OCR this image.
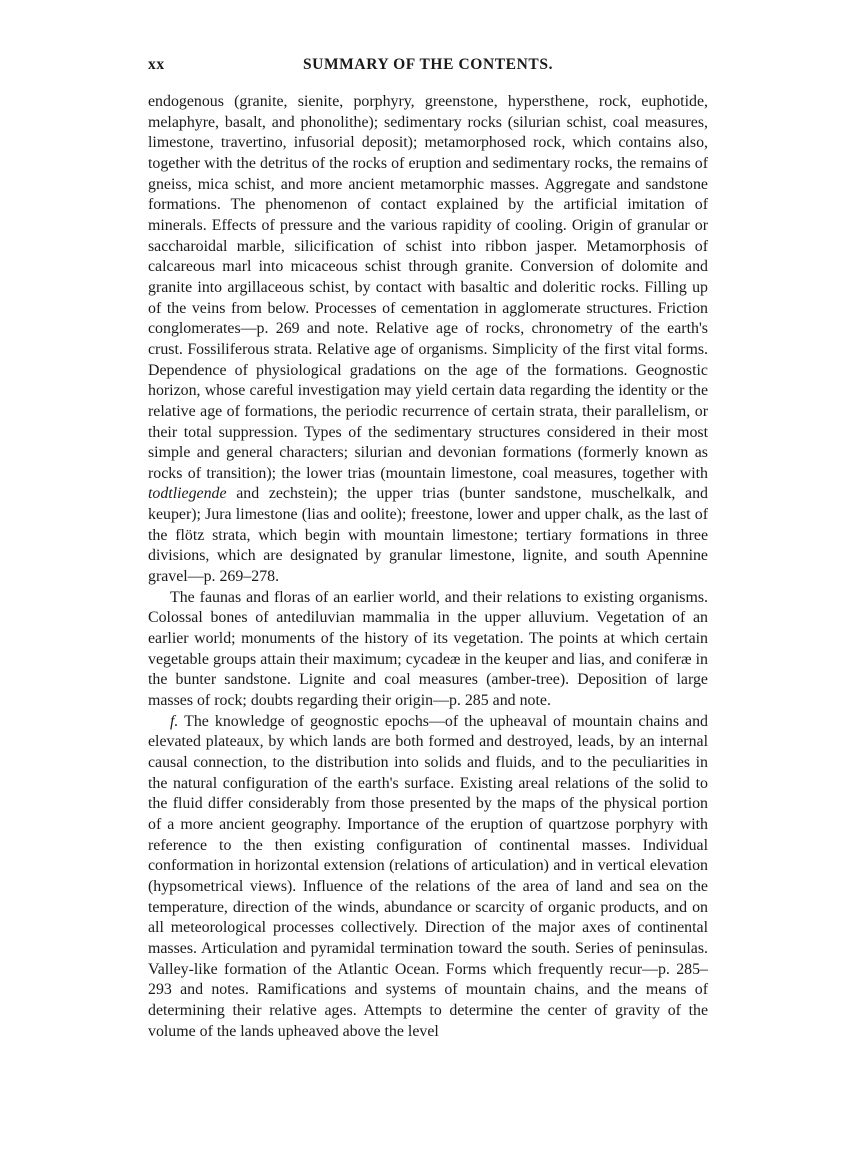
xx	SUMMARY OF THE CONTENTS.

endogenous (granite, sienite, porphyry, greenstone, hypersthene, rock, euphotide, melaphyre, basalt, and phonolithe); sedimentary rocks (silurian schist, coal measures, limestone, travertino, infusorial deposit); metamorphosed rock, which contains also, together with the detritus of the rocks of eruption and sedimentary rocks, the remains of gneiss, mica schist, and more ancient metamorphic masses. Aggregate and sandstone formations. The phenomenon of contact explained by the artificial imitation of minerals. Effects of pressure and the various rapidity of cooling. Origin of granular or saccharoidal marble, silicification of schist into ribbon jasper. Metamorphosis of calcareous marl into micaceous schist through granite. Conversion of dolomite and granite into argillaceous schist, by contact with basaltic and doleritic rocks. Filling up of the veins from below. Processes of cementation in agglomerate structures. Friction conglomerates—p. 269 and note. Relative age of rocks, chronometry of the earth's crust. Fossiliferous strata. Relative age of organisms. Simplicity of the first vital forms. Dependence of physiological gradations on the age of the formations. Geognostic horizon, whose careful investigation may yield certain data regarding the identity or the relative age of formations, the periodic recurrence of certain strata, their parallelism, or their total suppression. Types of the sedimentary structures considered in their most simple and general characters; silurian and devonian formations (formerly known as rocks of transition); the lower trias (mountain limestone, coal measures, together with todtliegende and zechstein); the upper trias (bunter sandstone, muschelkalk, and keuper); Jura limestone (lias and oolite); freestone, lower and upper chalk, as the last of the flötz strata, which begin with mountain limestone; tertiary formations in three divisions, which are designated by granular limestone, lignite, and south Apennine gravel—p. 269–278.

The faunas and floras of an earlier world, and their relations to existing organisms. Colossal bones of antediluvian mammalia in the upper alluvium. Vegetation of an earlier world; monuments of the history of its vegetation. The points at which certain vegetable groups attain their maximum; cycadeæ in the keuper and lias, and coniferæ in the bunter sandstone. Lignite and coal measures (amber-tree). Deposition of large masses of rock; doubts regarding their origin—p. 285 and note.

f. The knowledge of geognostic epochs—of the upheaval of mountain chains and elevated plateaux, by which lands are both formed and destroyed, leads, by an internal causal connection, to the distribution into solids and fluids, and to the peculiarities in the natural configuration of the earth's surface. Existing areal relations of the solid to the fluid differ considerably from those presented by the maps of the physical portion of a more ancient geography. Importance of the eruption of quartzose porphyry with reference to the then existing configuration of continental masses. Individual conformation in horizontal extension (relations of articulation) and in vertical elevation (hypsometrical views). Influence of the relations of the area of land and sea on the temperature, direction of the winds, abundance or scarcity of organic products, and on all meteorological processes collectively. Direction of the major axes of continental masses. Articulation and pyramidal termination toward the south. Series of peninsulas. Valley-like formation of the Atlantic Ocean. Forms which frequently recur—p. 285–293 and notes. Ramifications and systems of mountain chains, and the means of determining their relative ages. Attempts to determine the center of gravity of the volume of the lands upheaved above the level
